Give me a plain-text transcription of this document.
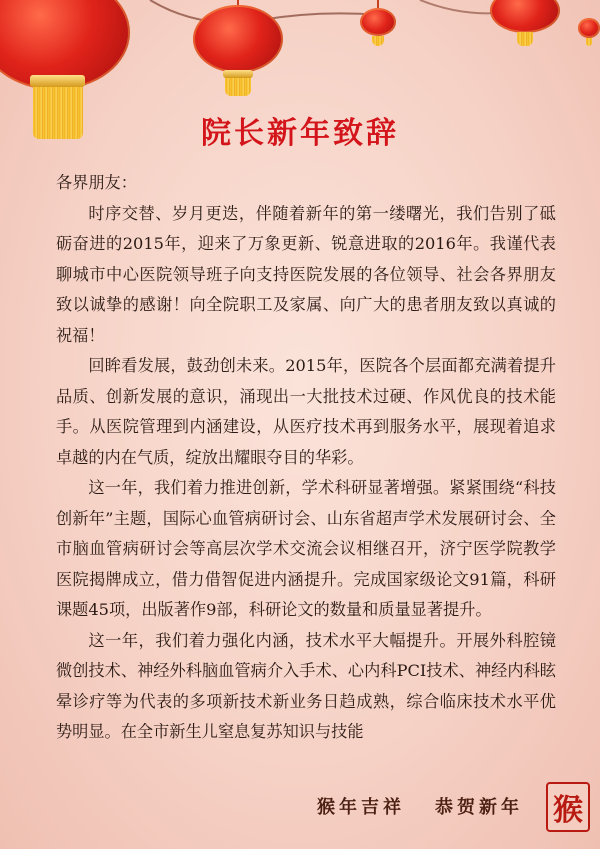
院长新年致辞

各界朋友：

时序交替、岁月更迭，伴随着新年的第一缕曙光，我们告别了砥砺奋进的2015年，迎来了万象更新、锐意进取的2016年。我谨代表聊城市中心医院领导班子向支持医院发展的各位领导、社会各界朋友致以诚挚的感谢！向全院职工及家属、向广大的患者朋友致以真诚的祝福！

回眸看发展，鼓劲创未来。2015年，医院各个层面都充满着提升品质、创新发展的意识，涌现出一大批技术过硬、作风优良的技术能手。从医院管理到内涵建设，从医疗技术再到服务水平，展现着追求卓越的内在气质，绽放出耀眼夺目的华彩。

这一年，我们着力推进创新，学术科研显著增强。紧紧围绕“科技创新年”主题，国际心血管病研讨会、山东省超声学术发展研讨会、全市脑血管病研讨会等高层次学术交流会议相继召开，济宁医学院教学医院揭牌成立，借力借智促进内涵提升。完成国家级论文91篇，科研课题45项，出版著作9部，科研论文的数量和质量显著提升。

这一年，我们着力强化内涵，技术水平大幅提升。开展外科腔镜微创技术、神经外科脑血管病介入手术、心内科PCI技术、神经内科眩晕诊疗等为代表的多项新技术新业务日趋成熟，综合临床技术水平优势明显。在全市新生儿窒息复苏知识与技能

猴年吉祥 恭贺新年 猴
